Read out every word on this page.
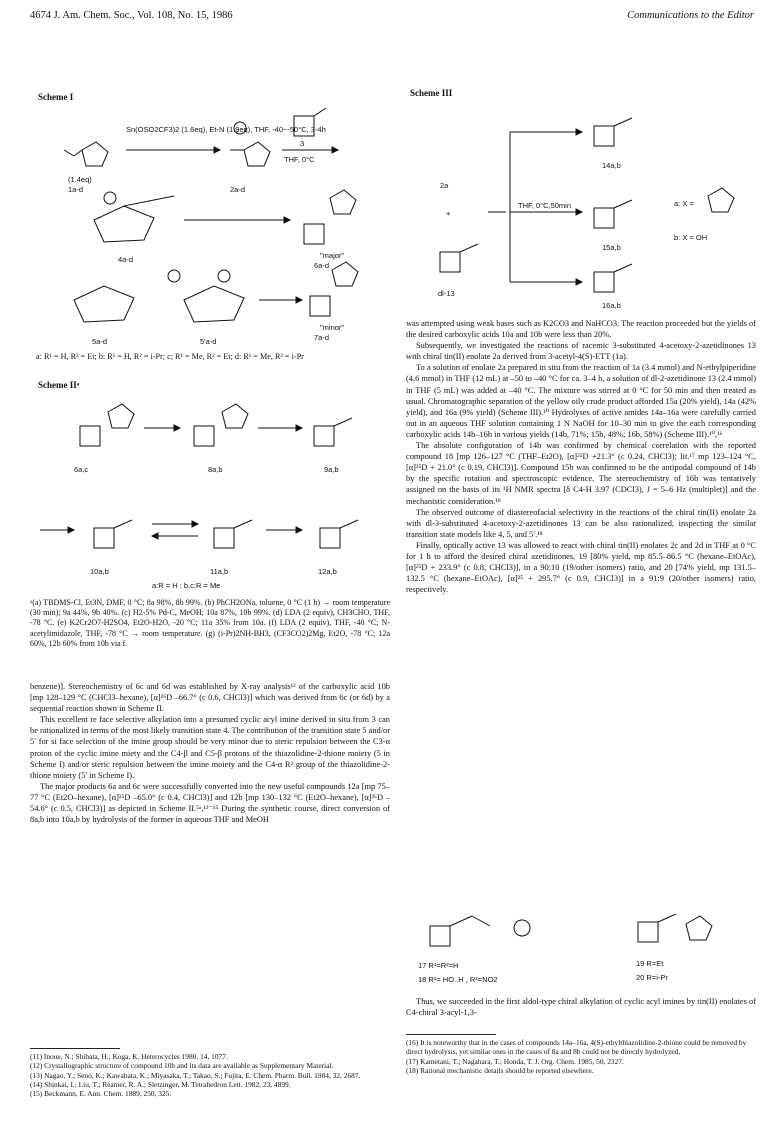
4674 J. Am. Chem. Soc., Vol. 108, No. 15, 1986	Communications to the Editor
Scheme I
Sn(OSO2CF3)2 (1.6eq), Et-N (1.9eq), THF, -40~-50°C, 3-4h
THF, 0°C
(1.4eq)
1a-d	2a-d
3
4a-d
5a-d	5'a-d
6a-d
"major"
7a-d
"minor"
a: R¹ = H, R² = Et; b: R¹ = H, R² = i-Pr; c; R¹ = Me, R² = Et; d: R¹ = Me, R² = i-Pr
Scheme IIᵃ
6a,c	8a,b	9a,b
10a,b	11a,b	12a,b
a:R = H ; b,c:R = Me
ᵃ(a) TBDMS-Cl, Et3N, DMF, 0 °C; 8a 98%, 8b 99%. (b) PhCH2ONa, toluene, 0 °C (1 h) → room temperature (30 min); 9a 44%, 9b 40%. (c) H2-5% Pd-C, MeOH; 10a 87%, 10b 99%. (d) LDA (2 equiv), CH3CHO, THF, -78 °C. (e) K2Cr2O7-H2SO4, Et2O-H2O, -20 °C; 11a 35% from 10a. (f) LDA (2 equiv), THF, -40 °C; N-acetylimidazole, THF, -78 °C → room temperature. (g) (i-Pr)2NH-BH3, (CF3CO2)2Mg, Et2O, -78 °C; 12a 60%, 12b 60% from 10b via f.

benzene)]. Stereochemistry of 6c and 6d was established by X-ray analysis¹² of the carboxylic acid 10b [mp 128–129 °C (CHCl3–hexane), [α]²⁶D –66.7° (c 0.6, CHCl3)] which was derived from 6c (or 6d) by a sequential reaction shown in Scheme II.

This excellent re face selective alkylation into a presumed cyclic acyl imine derived in situ from 3 can be rationalized in terms of the most likely transition state 4. The contribution of the transition state 5 and/or 5′ for si face selection of the imine group should be very minor due to steric repulsion between the C3-α proton of the cyclic imine miety and the C4-β and C5-β protons of the thiazolidine-2-thione moiety (5 in Scheme I) and/or steric repulsion between the imine moiety and the C4-α R² group of the thiazolidine-2-thione moiety (5′ in Scheme I).

The major products 6a and 6c were successfully converted into the new useful compounds 12a [mp 75–77 °C (Et2O–hexane), [α]²⁵D –65.0° (c 0.4, CHCl3)] and 12b [mp 130–132 °C (Et2O–hexane), [α]²⁶D –54.6° (c 0.5, CHCl3)] as depicted in Scheme II.⁵ᵃ,¹³⁻¹⁵ During the synthetic course, direct conversion of 8a,b into 10a,b by hydrolysis of the former in aqueous THF and MeOH

(11) Inoue, N.; Shibata, H.; Koga, K. Heterocycles 1980, 14, 1077.
(12) Crystallographic structure of compound 10b and its data are available as Supplementary Material.
(13) Nagao, Y.; Seno, K.; Kawabata, K.; Miyasaka, T.; Takao, S.; Fujita, E. Chem. Pharm. Bull. 1984, 32, 2687.
(14) Shinkai, I.; Liu, T.; Reamer, R. A.; Sletzinger, M. Tetrahedron Lett. 1982, 23, 4899.
(15) Beckmann, E. Ann. Chem. 1889, 250, 325.
Scheme III
2a
+
dl-13
THF, 0°C,50min
14a,b
15a,b
16a,b
a: X =
b: X = OH

was attempted using weak bases such as K2CO3 and NaHCO3. The reaction proceeded but the yields of the desired carboxylic acids 10a and 10b were less than 20%.

Subsequently, we investigated the reactions of racemic 3-substituted 4-acetoxy-2-azetidinones 13 with chiral tin(II) enolate 2a derived from 3-acetyl-4(S)-ETT (1a).

To a solution of enolate 2a prepared in situ from the reaction of 1a (3.4 mmol) and N-ethylpiperidine (4.6 mmol) in THF (12 mL) at –50 to –40 °C for ca. 3–4 h, a solution of dl-2-azetidinone 13 (2.4 mmol) in THF (5 mL) was added at –40 °C. The mixture was stirred at 0 °C for 50 min and then treated as usual. Chromatographic separation of the yellow oily crude product afforded 15a (20% yield), 14a (42% yield), and 16a (9% yield) (Scheme III).¹⁰ Hydrolyses of active amides 14a–16a were carefully carried out in an aqueous THF solution containing 1 N NaOH for 10–30 min to give the each corresponding carboxylic acids 14b–16b in various yields (14b, 71%; 15b, 48%; 16b, 58%) (Scheme III).¹⁰,¹⁶

The absolute configuration of 14b was confirmed by chemical correlation with the reported compound 18 [mp 126–127 °C (THF–Et2O), [α]²⁵D +21.3° (c 0.24, CHCl3); lit.¹⁷ mp 123–124 °C, [α]²⁵D + 21.0° (c 0.19, CHCl3)]. Compound 15b was confirmed to be the antipodal compound of 14b by the specific rotation and spectroscopic evidence. The stereochemistry of 16b was tentatively assigned on the basis of its ¹H NMR spectra [δ C4-H 3.97 (CDCl3), J = 5–6 Hz (multiplet)] and the mechanistic consideration.¹⁸

The observed outcome of diastereofacial selectivity in the reactions of the chiral tin(II) enolate 2a with dl-3-substituted 4-acetoxy-2-azetidinones 13 can be also rationalized, inspecting the similar transition state models like 4, 5, and 5′.¹⁸

Finally, optically active 13 was allowed to react with chiral tin(II) enolates 2c and 2d in THF at 0 °C for 1 h to afford the desired chiral azetidinones, 19 [80% yield, mp 85.5–86.5 °C (hexane–EtOAc), [α]²⁵D + 233.9° (c 0.8, CHCl3)], in a 90:10 (19/other isomers) ratio, and 20 [74% yield, mp 131.5–132.5 °C (hexane–EtOAc), [α]²⁵ + 295.7° (c 0.9, CHCl3)] in a 91:9 (20/other isomers) ratio, respectively.

17 R¹=R²=H
18 R¹= HO..H , R²=NO2
19 R=Et
20 R=i-Pr

Thus, we succeeded in the first aldol-type chiral alkylation of cyclic acyl imines by tin(II) enolates of C4-chiral 3-acyl-1,3-

(16) It is noteworthy that in the cases of compounds 14a–16a, 4(S)-ethylthiazolidine-2-thione could be removed by direct hydrolysis, yet similar ones in the cases of 8a and 8b could not be directly hydrolyzed.
(17) Kametani, T.; Nagahara, T.; Honda, T. J. Org. Chem. 1985, 50, 2327.
(18) Rational mechanistic details should be reported elsewhere.
